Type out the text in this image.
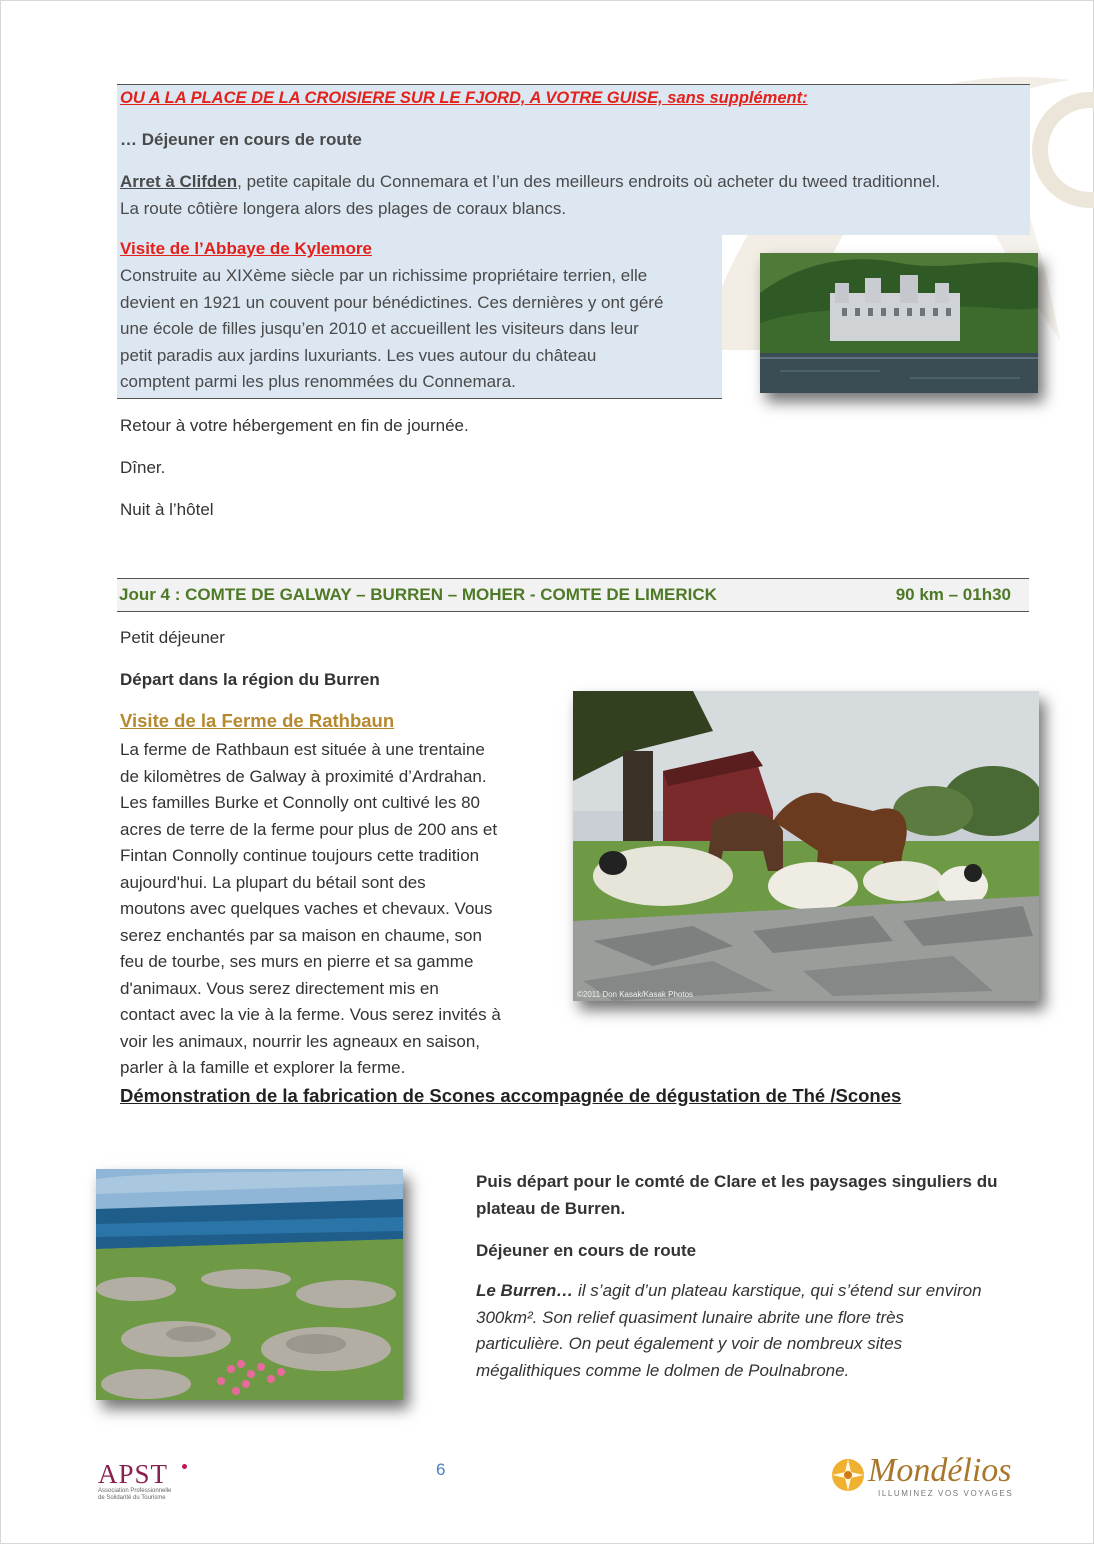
OU A LA PLACE DE LA CROISIERE SUR LE FJORD, A VOTRE GUISE, sans supplément:
… Déjeuner en cours de route
Arret à Clifden, petite capitale du Connemara et l’un des meilleurs endroits où acheter du tweed traditionnel.
La route côtière longera alors des plages de coraux blancs.
Visite de l’Abbaye de Kylemore
Construite au XIXème siècle par un richissime propriétaire terrien, elle
devient en 1921 un couvent pour bénédictines. Ces dernières y ont géré
une école de filles jusqu’en 2010 et accueillent les visiteurs dans leur
petit paradis aux jardins luxuriants. Les vues autour du château
comptent parmi les plus renommées du Connemara.
Retour à votre hébergement en fin de journée.
Dîner.
Nuit à l’hôtel
Jour 4 : COMTE DE GALWAY – BURREN – MOHER - COMTE DE LIMERICK	90 km – 01h30
Petit déjeuner
Départ dans la région du Burren
Visite de la Ferme de Rathbaun
La ferme de Rathbaun est située à une trentaine
de kilomètres de Galway à proximité d’Ardrahan.
Les familles Burke et Connolly ont cultivé les 80
acres de terre de la ferme pour plus de 200 ans et
Fintan Connolly continue toujours cette tradition
aujourd'hui. La plupart du bétail sont des
moutons avec quelques vaches et chevaux. Vous
serez enchantés par sa maison en chaume, son
feu de tourbe, ses murs en pierre et sa gamme
d'animaux. Vous serez directement mis en
contact avec la vie à la ferme. Vous serez invités à
voir les animaux, nourrir les agneaux en saison,
parler à la famille et explorer la ferme.
©2011 Don Kasak/Kasak Photos
Démonstration de la fabrication de Scones accompagnée de dégustation de Thé /Scones
Puis départ pour le comté de Clare et les paysages singuliers du
plateau de Burren.
Déjeuner en cours de route
Le Burren… il s’agit d’un plateau karstique, qui s’étend sur environ
300km². Son relief quasiment lunaire abrite une flore très
particulière. On peut également y voir de nombreux sites
mégalithiques comme le dolmen de Poulnabrone.
6
APST
Association Professionnelle
de Solidarité du Tourisme
Mondélios
ILLUMINEZ VOS VOYAGES
